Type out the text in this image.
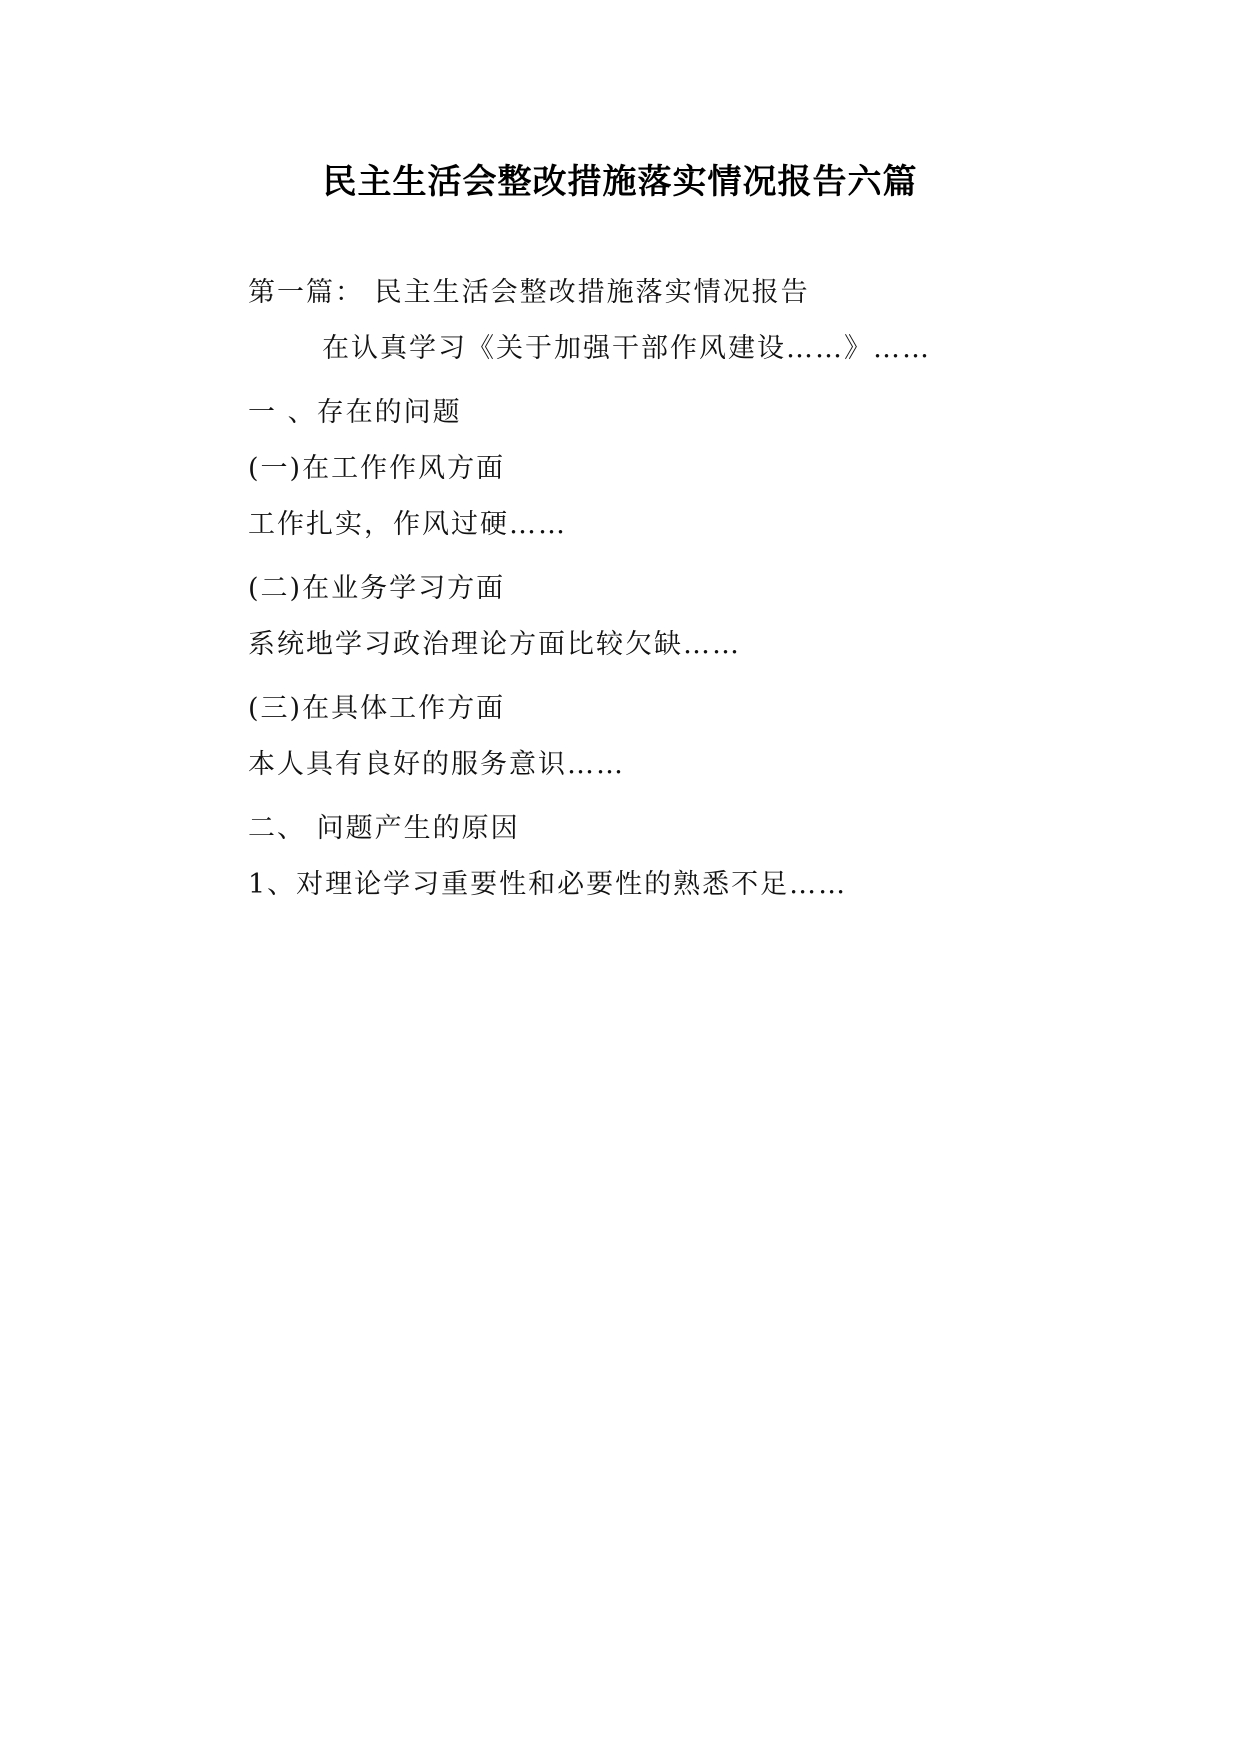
民主生活会整改措施落实情况报告六篇
第一篇： 民主生活会整改措施落实情况报告
在认真学习《关于加强干部作风建设……》……
一 、存在的问题
(一)在工作作风方面
工作扎实，作风过硬……
(二)在业务学习方面
系统地学习政治理论方面比较欠缺……
(三)在具体工作方面
本人具有良好的服务意识……
二、 问题产生的原因
1、对理论学习重要性和必要性的熟悉不足……
